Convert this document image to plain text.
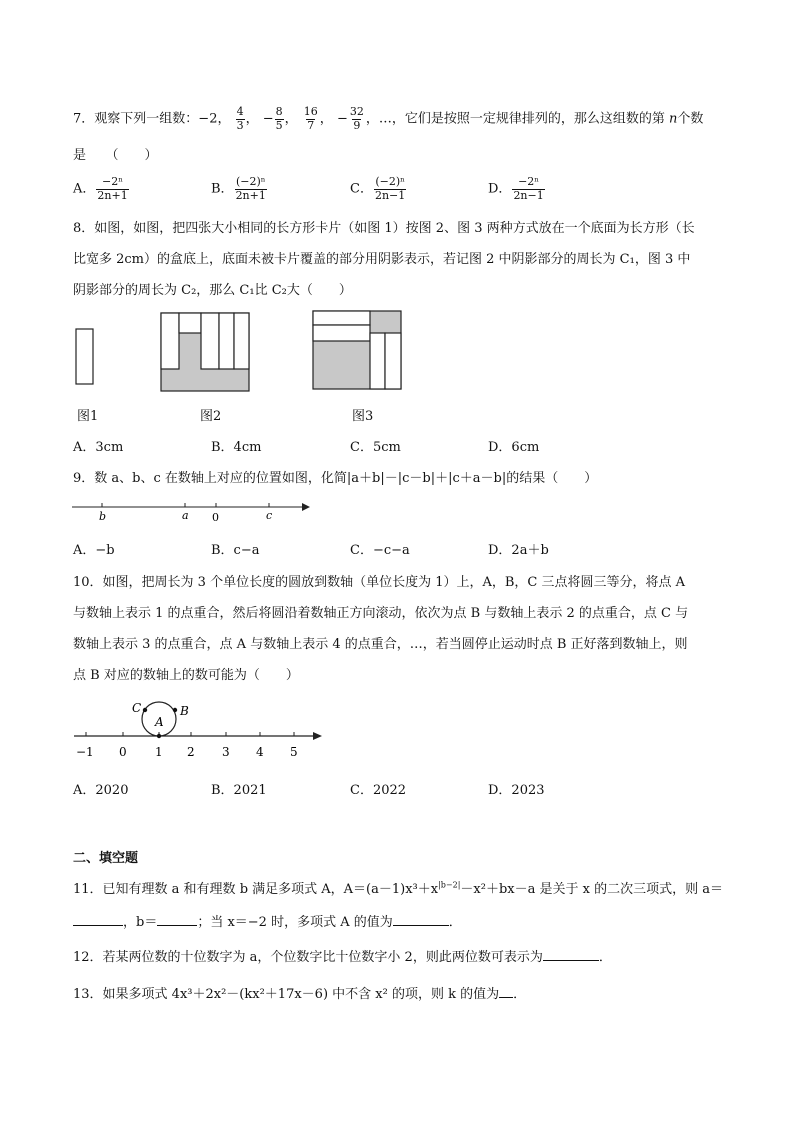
7．观察下列一组数：−2， $\frac{4}{3}$ ， − $\frac{8}{5}$ ， $\frac{16}{7}$ ， − $\frac{32}{9}$ ，…，它们是按照一定规律排列的，那么这组数的第 n个数
是　　（　　）
A． $\frac{\text{−2ⁿ}}{2n+1}$	B． $\frac{\text{(−2)ⁿ}}{2n+1}$	C． $\frac{\text{(−2)ⁿ}}{2n-1}$	D． $\frac{\text{−2ⁿ}}{2n-1}$
8．如图，如图，把四张大小相同的长方形卡片（如图 1）按图 2、图 3 两种方式放在一个底面为长方形（长
比宽多 2cm）的盒底上，底面未被卡片覆盖的部分用阴影表示，若记图 2 中阴影部分的周长为 C₁，图 3 中
阴影部分的周长为 C₂，那么 C₁比 C₂大（　　）
图1	图2	图3
A．3cm	B．4cm	C．5cm	D．6cm
9．数 a、b、c 在数轴上对应的位置如图，化简|a＋b|－|c－b|＋|c＋a－b|的结果（　　）
b	a 0	c
A．−b	B．c−a	C．−c−a	D．2a＋b
10．如图，把周长为 3 个单位长度的圆放到数轴（单位长度为 1）上，A，B，C 三点将圆三等分，将点 A
与数轴上表示 1 的点重合，然后将圆沿着数轴正方向滚动，依次为点 B 与数轴上表示 2 的点重合，点 C 与
数轴上表示 3 的点重合，点 A 与数轴上表示 4 的点重合，…，若当圆停止运动时点 B 正好落到数轴上，则
点 B 对应的数轴上的数可能为（　　）
C
A
B
−1 0 1 2 3 4 5
A．2020	B．2021	C．2022	D．2023
二、填空题
11．已知有理数 a 和有理数 b 满足多项式 A，$A=(a-1)x^3+x^{|b-2|}-x^2+bx-a$ 是关于 x 的二次三项式，则 a＝
，b＝	；当 x＝−2 时，多项式 A 的值为	．
12．若某两位数的十位数字为 a，个位数字比十位数字小 2，则此两位数可表示为	．
13．如果多项式 4x³＋2x²－(kx²＋17x－6) 中不含 x² 的项，则 k 的值为 ．
